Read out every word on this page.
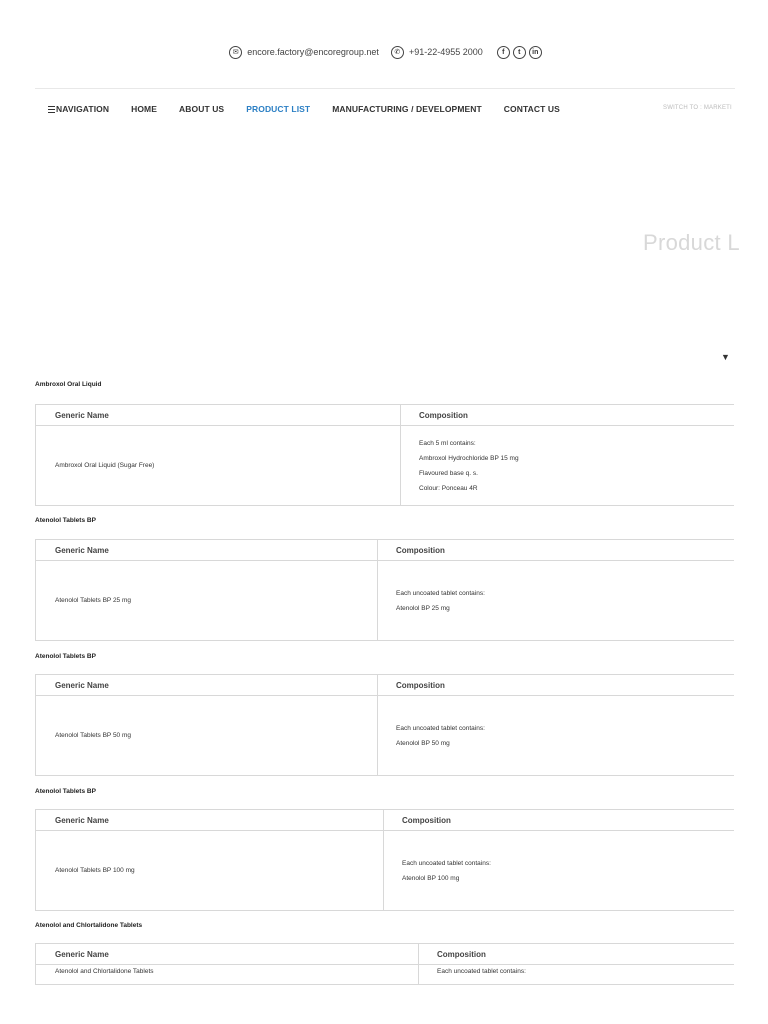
✉ encore.factory@encoregroup.net	✆ +91-22-4955 2000	f	t	in
NAVIGATION	HOME	ABOUT US	PRODUCT LIST	MANUFACTURING / DEVELOPMENT	CONTACT US	SWITCH TO : MARKETI
Product L
▼
Ambroxol Oral Liquid
Generic Name	Composition
Ambroxol Oral Liquid (Sugar Free)	Each 5 ml contains:
Ambroxol Hydrochloride BP 15 mg
Flavoured base q. s.
Colour: Ponceau 4R
Atenolol Tablets BP
Generic Name	Composition
Atenolol Tablets BP 25 mg	Each uncoated tablet contains:
Atenolol BP 25 mg
Atenolol Tablets BP
Generic Name	Composition
Atenolol Tablets BP 50 mg	Each uncoated tablet contains:
Atenolol BP 50 mg
Atenolol Tablets BP
Generic Name	Composition
Atenolol Tablets BP 100 mg	Each uncoated tablet contains:
Atenolol BP 100 mg
Atenolol and Chlortalidone Tablets
Generic Name	Composition
Atenolol and Chlortalidone Tablets	Each uncoated tablet contains:
